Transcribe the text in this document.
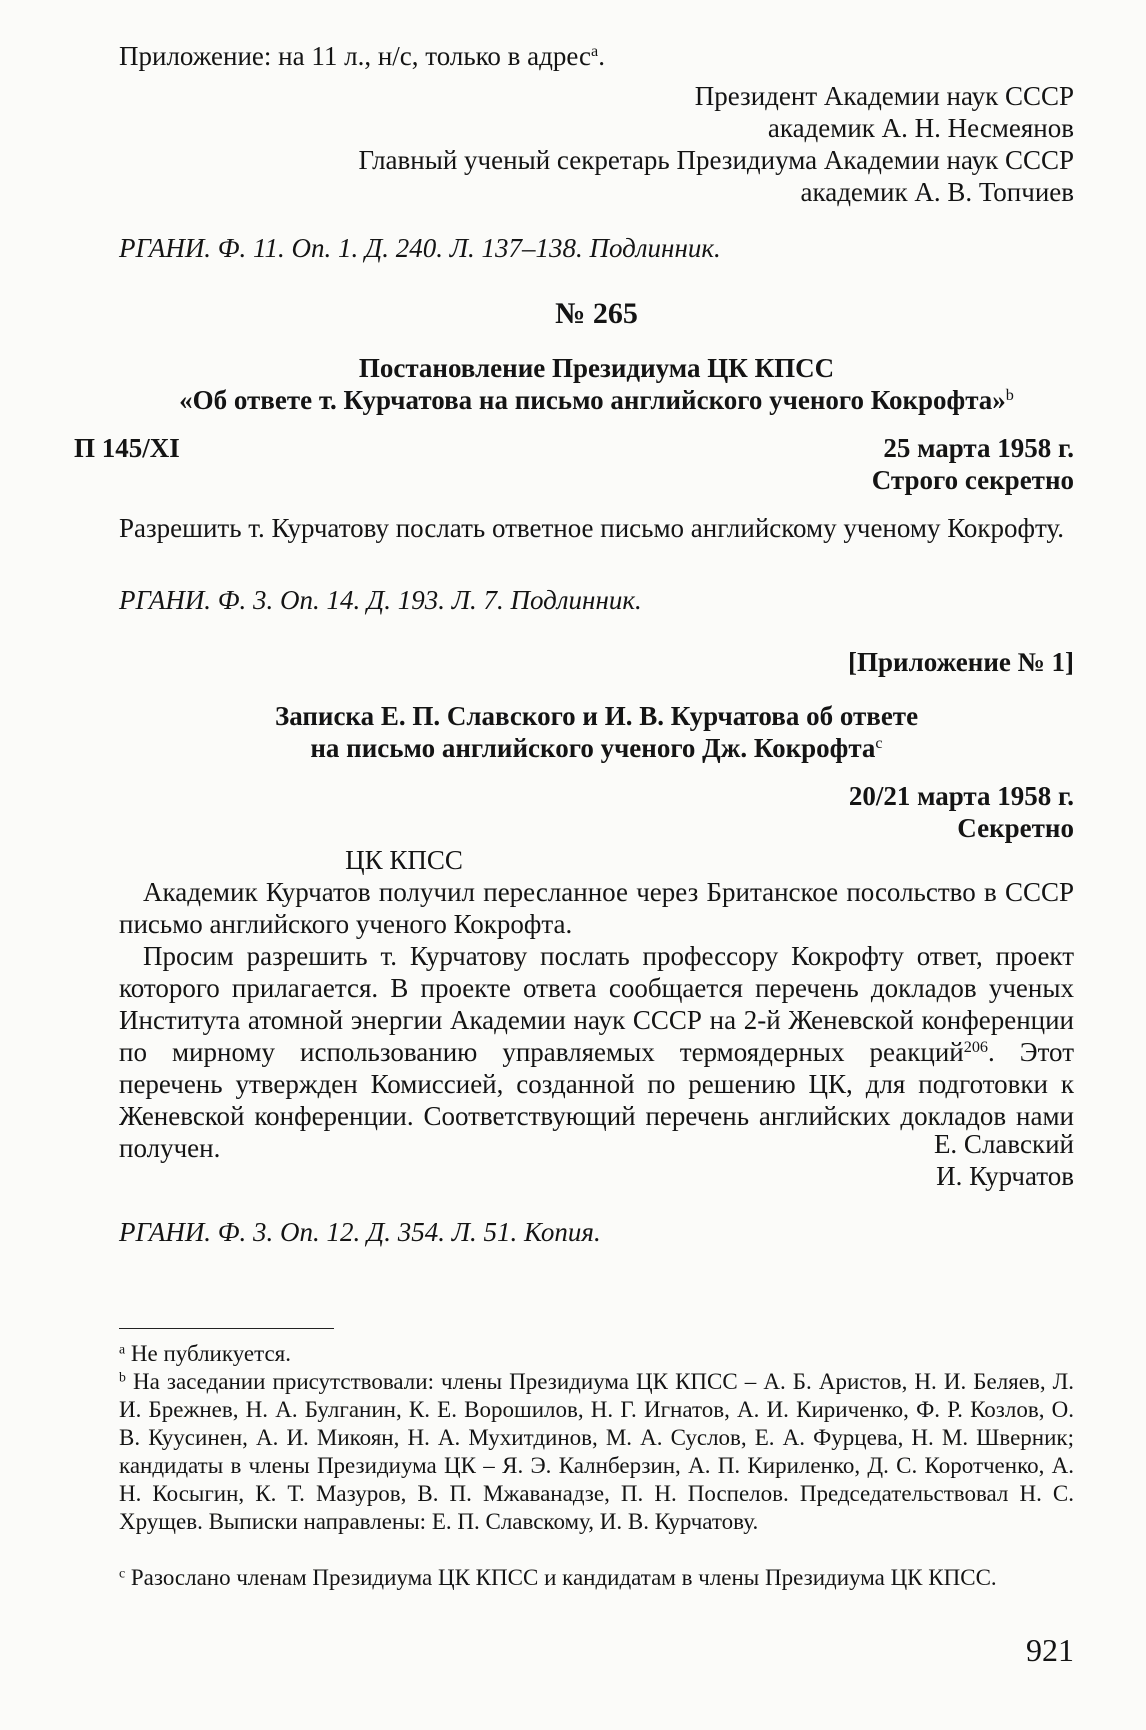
Приложение: на 11 л., н/с, только в адрес$^а$.
Президент Академии наук СССР
академик А. Н. Несмеянов
Главный ученый секретарь Президиума Академии наук СССР
академик А. В. Топчиев
РГАНИ. Ф. 11. Оп. 1. Д. 240. Л. 137–138. Подлинник.
№ 265
Постановление Президиума ЦК КПСС
«Об ответе т. Курчатова на письмо английского ученого Кокрофта»$^b$
П 145/XI	25 марта 1958 г.
Строго секретно
Разрешить т. Курчатову послать ответное письмо английскому ученому Кокрофту.
РГАНИ. Ф. 3. Оп. 14. Д. 193. Л. 7. Подлинник.
[Приложение № 1]
Записка Е. П. Славского и И. В. Курчатова об ответе
на письмо английского ученого Дж. Кокрофта$^c$
20/21 марта 1958 г.
Секретно
ЦК КПСС
Академик Курчатов получил пересланное через Британское посольство в СССР письмо английского ученого Кокрофта.
Просим разрешить т. Курчатову послать профессору Кокрофту ответ, проект которого прилагается. В проекте ответа сообщается перечень докладов ученых Института атомной энергии Академии наук СССР на 2-й Женевской конференции по мирному использованию управляемых термоядерных реакций$^{206}$. Этот перечень утвержден Комиссией, созданной по решению ЦК, для подготовки к Женевской конференции. Соответствующий перечень английских докладов нами получен.	Е. Славский
И. Курчатов
РГАНИ. Ф. 3. Оп. 12. Д. 354. Л. 51. Копия.
$^a$ Не публикуется.
$^b$ На заседании присутствовали: члены Президиума ЦК КПСС – А. Б. Аристов, Н. И. Беляев, Л. И. Брежнев, Н. А. Булганин, К. Е. Ворошилов, Н. Г. Игнатов, А. И. Кириченко, Ф. Р. Козлов, О. В. Куусинен, А. И. Микоян, Н. А. Мухитдинов, М. А. Суслов, Е. А. Фурцева, Н. М. Шверник; кандидаты в члены Президиума ЦК – Я. Э. Калнберзин, А. П. Кириленко, Д. С. Коротченко, А. Н. Косыгин, К. Т. Мазуров, В. П. Мжаванадзе, П. Н. Поспелов. Председательствовал Н. С. Хрущев. Выписки направлены: Е. П. Славскому, И. В. Курчатову.
$^c$ Разослано членам Президиума ЦК КПСС и кандидатам в члены Президиума ЦК КПСС.
921
